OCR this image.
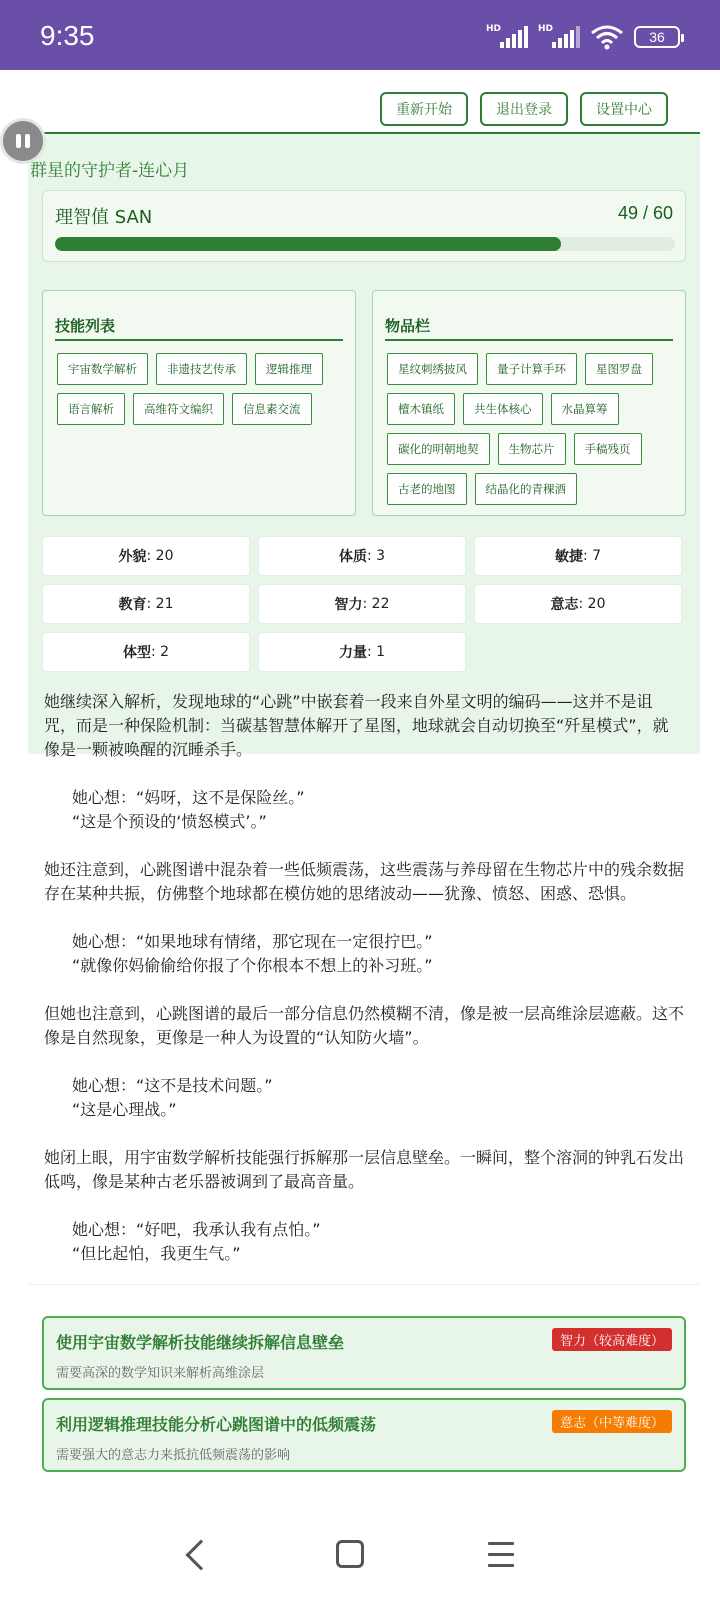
9:35	HD	HD	36
重新开始	退出登录	设置中心
群星的守护者-连心月
理智值 SAN	49 / 60
技能列表
宇宙数学解析	非遗技艺传承	逻辑推理
语言解析	高维符文编织	信息素交流
物品栏
星纹刺绣披风	量子计算手环	星图罗盘
檀木镇纸	共生体核心	水晶算筹
碳化的明朝地契	生物芯片	手稿残页
古老的地图	结晶化的青稞酒
外貌 : 20	体质 : 3	敏捷 : 7
教育 : 21	智力 : 22	意志 : 20
体型 : 2	力量 : 1

她继续深入解析，发现地球的“心跳”中嵌套着一段来自外星文明的编码——这并不是诅咒，而是一种保险机制：当碳基智慧体解开了星图，地球就会自动切换至“歼星模式”，就像是一颗被唤醒的沉睡杀手。

她心想：“妈呀，这不是保险丝。”
“这是个预设的‘愤怒模式’。”

她还注意到，心跳图谱中混杂着一些低频震荡，这些震荡与养母留在生物芯片中的残余数据存在某种共振，仿佛整个地球都在模仿她的思绪波动——犹豫、愤怒、困惑、恐惧。

她心想：“如果地球有情绪，那它现在一定很拧巴。”
“就像你妈偷偷给你报了个你根本不想上的补习班。”

但她也注意到，心跳图谱的最后一部分信息仍然模糊不清，像是被一层高维涂层遮蔽。这不像是自然现象，更像是一种人为设置的“认知防火墙”。

她心想：“这不是技术问题。”
“这是心理战。”

她闭上眼，用宇宙数学解析技能强行拆解那一层信息壁垒。一瞬间，整个溶洞的钟乳石发出低鸣，像是某种古老乐器被调到了最高音量。

她心想：“好吧，我承认我有点怕。”
“但比起怕，我更生气。”
使用宇宙数学解析技能继续拆解信息壁垒	智力（较高难度）
需要高深的数学知识来解析高维涂层
利用逻辑推理技能分析心跳图谱中的低频震荡	意志（中等难度）
需要强大的意志力来抵抗低频震荡的影响
